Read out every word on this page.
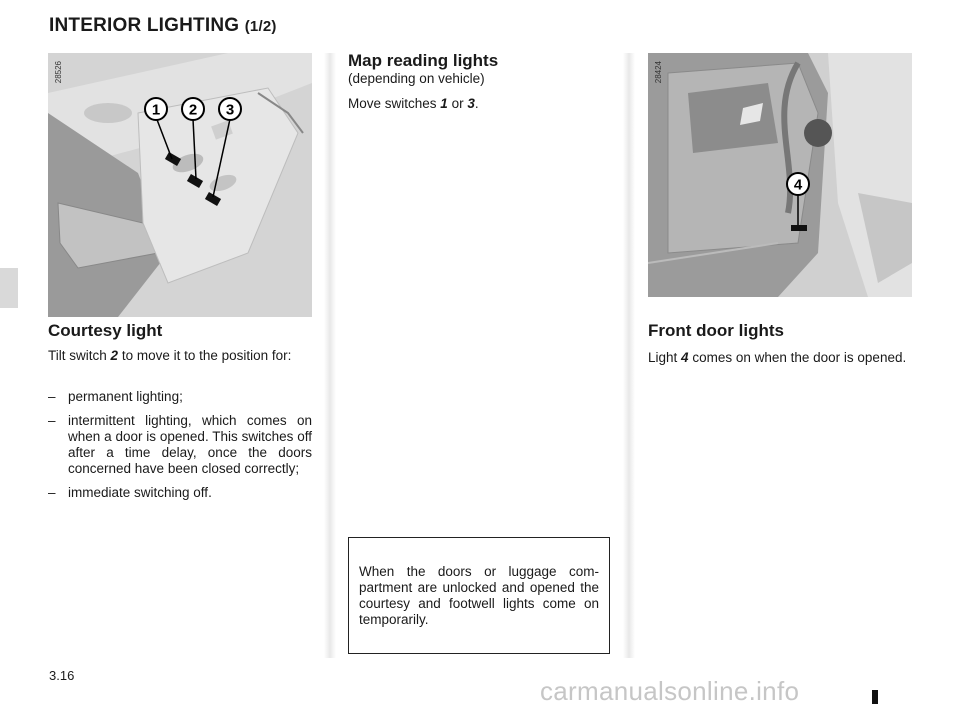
INTERIOR LIGHTING (1/2)
1 2 3
28526
4
28424
Courtesy light
Tilt switch 2 to move it to the position for:
– permanent lighting;
– intermittent lighting, which comes on when a door is opened. This switches off after a time delay, once the doors concerned have been closed correctly;
– immediate switching off.
Map reading lights
(depending on vehicle)
Move switches 1 or 3.
When the doors or luggage com-partment are unlocked and opened the courtesy and footwell lights come on temporarily.
Front door lights
Light 4 comes on when the door is opened.
3.16
carmanualsonline.info
